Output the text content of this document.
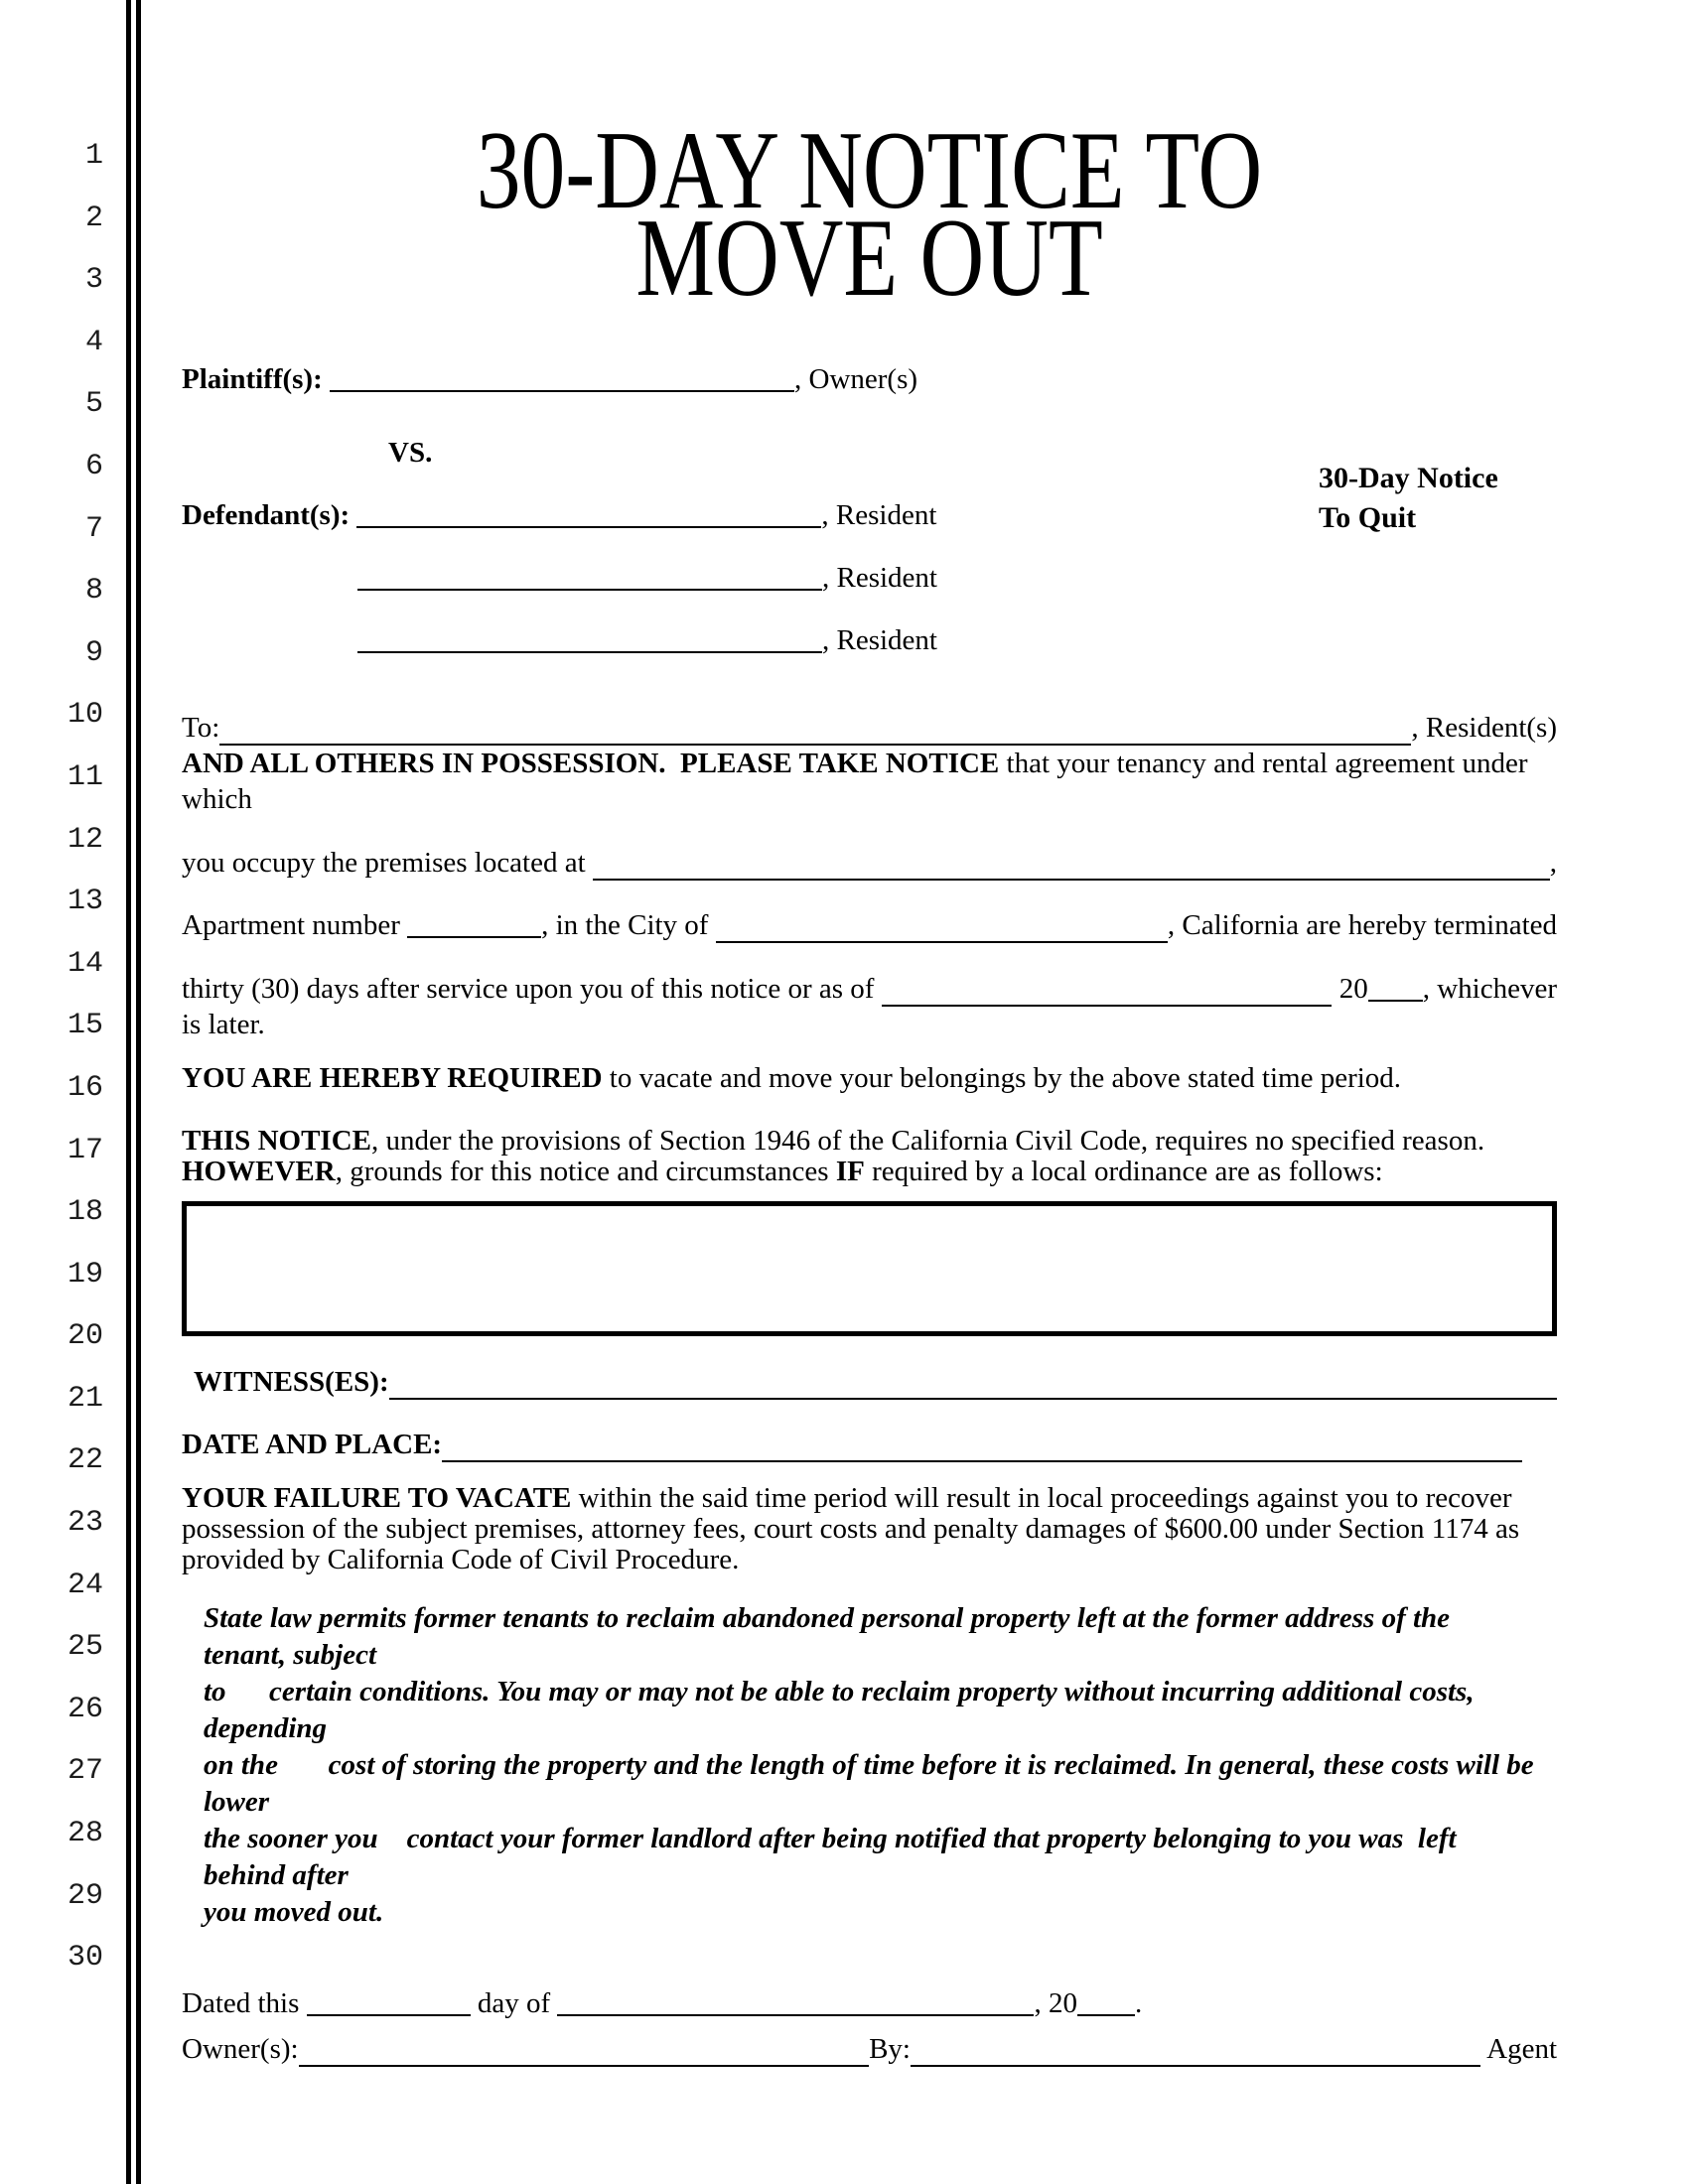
1
2
3
4
5
6
7
8
9
10
11
12
13
14
15
16
17
18
19
20
21
22
23
24
25
26
27
28
29
30
30-DAY NOTICE TO
MOVE OUT
Plaintiff(s):	, Owner(s)
VS.
30-Day Notice
To Quit
Defendant(s):	, Resident
, Resident
, Resident
To:	, Resident(s)
AND ALL OTHERS IN POSSESSION.  PLEASE TAKE NOTICE that your tenancy and rental agreement under which
you occupy the premises located at	,
Apartment number	, in the City of	, California are hereby terminated
thirty (30) days after service upon you of this notice or as of	20 , whichever
is later.
YOU ARE HEREBY REQUIRED to vacate and move your belongings by the above stated time period.
THIS NOTICE, under the provisions of Section 1946 of the California Civil Code, requires no specified reason. HOWEVER, grounds for this notice and circumstances IF required by a local ordinance are as follows:
WITNESS(ES):
DATE AND PLACE:
YOUR FAILURE TO VACATE within the said time period will result in local proceedings against you to recover possession of the subject premises, attorney fees, court costs and penalty damages of $600.00 under Section 1174 as provided by California Code of Civil Procedure.
State law permits former tenants to reclaim abandoned personal property left at the former address of the tenant, subject
to      certain conditions. You may or may not be able to reclaim property without incurring additional costs, depending
on the       cost of storing the property and the length of time before it is reclaimed. In general, these costs will be lower
the sooner you    contact your former landlord after being notified that property belonging to you was  left behind after
you moved out.
Dated this	day of	, 20 .
Owner(s):	By:	Agent
